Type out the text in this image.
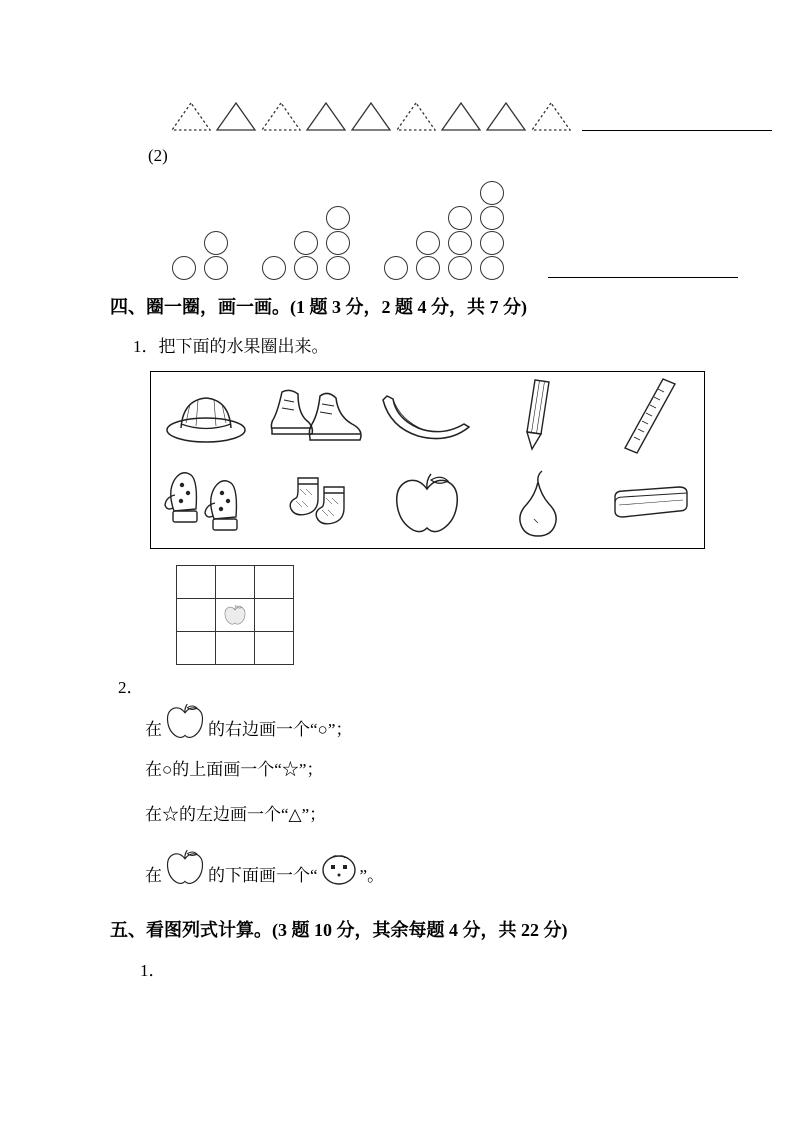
(2)
四、圈一圈，画一画。(1 题 3 分，2 题 4 分，共 7 分)
1．把下面的水果圈出来。
2．
在	的右边画一个“○”；
在○的上面画一个“☆”；
在☆的左边画一个“△”；
在	的下面画一个“ ”。
五、看图列式计算。(3 题 10 分，其余每题 4 分，共 22 分)
1．
